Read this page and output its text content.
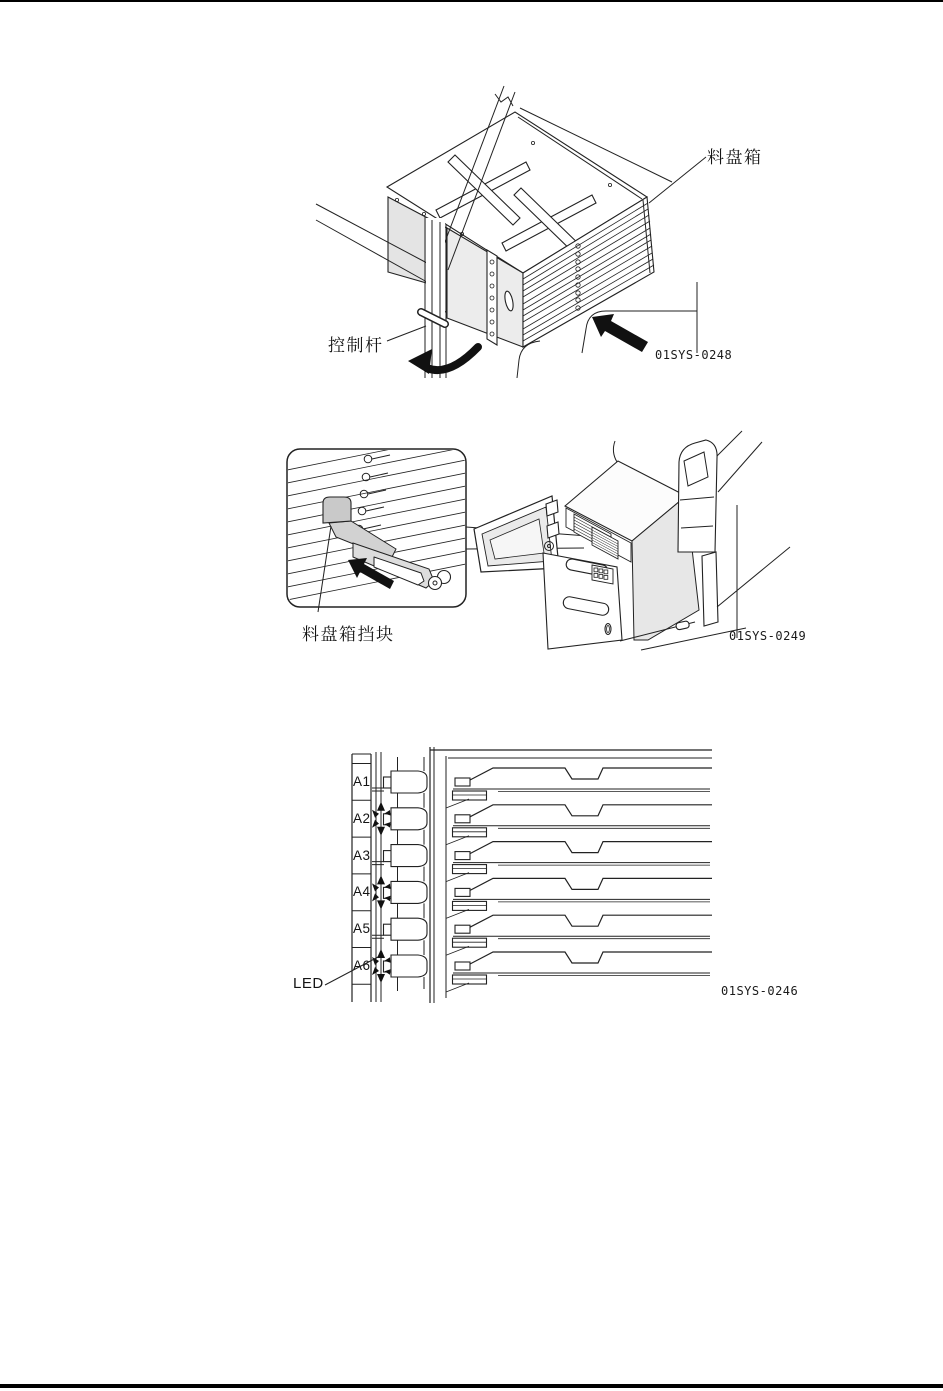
料盘箱
控制杆	01SYS-0248
料盘箱挡块	01SYS-0249
A1
A2
A3
A4
A5
A6
LED	01SYS-0246
